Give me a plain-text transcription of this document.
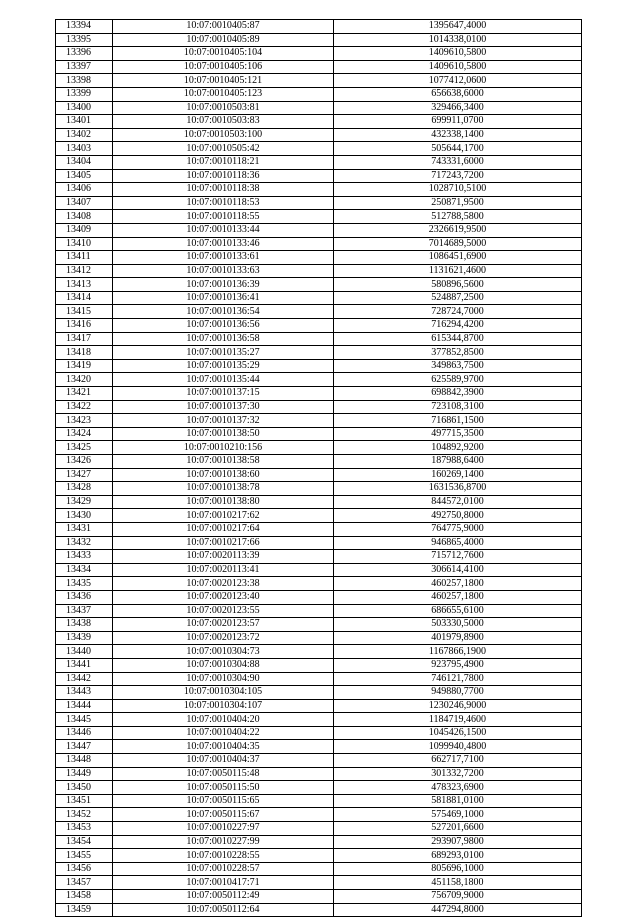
13394	10:07:0010405:87	1395647,4000
13395	10:07:0010405:89	1014338,0100
13396	10:07:0010405:104	1409610,5800
13397	10:07:0010405:106	1409610,5800
13398	10:07:0010405:121	1077412,0600
13399	10:07:0010405:123	656638,6000
13400	10:07:0010503:81	329466,3400
13401	10:07:0010503:83	699911,0700
13402	10:07:0010503:100	432338,1400
13403	10:07:0010505:42	505644,1700
13404	10:07:0010118:21	743331,6000
13405	10:07:0010118:36	717243,7200
13406	10:07:0010118:38	1028710,5100
13407	10:07:0010118:53	250871,9500
13408	10:07:0010118:55	512788,5800
13409	10:07:0010133:44	2326619,9500
13410	10:07:0010133:46	7014689,5000
13411	10:07:0010133:61	1086451,6900
13412	10:07:0010133:63	1131621,4600
13413	10:07:0010136:39	580896,5600
13414	10:07:0010136:41	524887,2500
13415	10:07:0010136:54	728724,7000
13416	10:07:0010136:56	716294,4200
13417	10:07:0010136:58	615344,8700
13418	10:07:0010135:27	377852,8500
13419	10:07:0010135:29	349863,7500
13420	10:07:0010135:44	625589,9700
13421	10:07:0010137:15	698842,3900
13422	10:07:0010137:30	723108,3100
13423	10:07:0010137:32	716861,1500
13424	10:07:0010138:50	497715,3500
13425	10:07:0010210:156	104892,9200
13426	10:07:0010138:58	187988,6400
13427	10:07:0010138:60	160269,1400
13428	10:07:0010138:78	1631536,8700
13429	10:07:0010138:80	844572,0100
13430	10:07:0010217:62	492750,8000
13431	10:07:0010217:64	764775,9000
13432	10:07:0010217:66	946865,4000
13433	10:07:0020113:39	715712,7600
13434	10:07:0020113:41	306614,4100
13435	10:07:0020123:38	460257,1800
13436	10:07:0020123:40	460257,1800
13437	10:07:0020123:55	686655,6100
13438	10:07:0020123:57	503330,5000
13439	10:07:0020123:72	401979,8900
13440	10:07:0010304:73	1167866,1900
13441	10:07:0010304:88	923795,4900
13442	10:07:0010304:90	746121,7800
13443	10:07:0010304:105	949880,7700
13444	10:07:0010304:107	1230246,9000
13445	10:07:0010404:20	1184719,4600
13446	10:07:0010404:22	1045426,1500
13447	10:07:0010404:35	1099940,4800
13448	10:07:0010404:37	662717,7100
13449	10:07:0050115:48	301332,7200
13450	10:07:0050115:50	478323,6900
13451	10:07:0050115:65	581881,0100
13452	10:07:0050115:67	575469,1000
13453	10:07:0010227:97	527201,6600
13454	10:07:0010227:99	293907,9800
13455	10:07:0010228:55	689293,0100
13456	10:07:0010228:57	805696,1000
13457	10:07:0010417:71	451158,1800
13458	10:07:0050112:49	756709,9000
13459	10:07:0050112:64	447294,8000
